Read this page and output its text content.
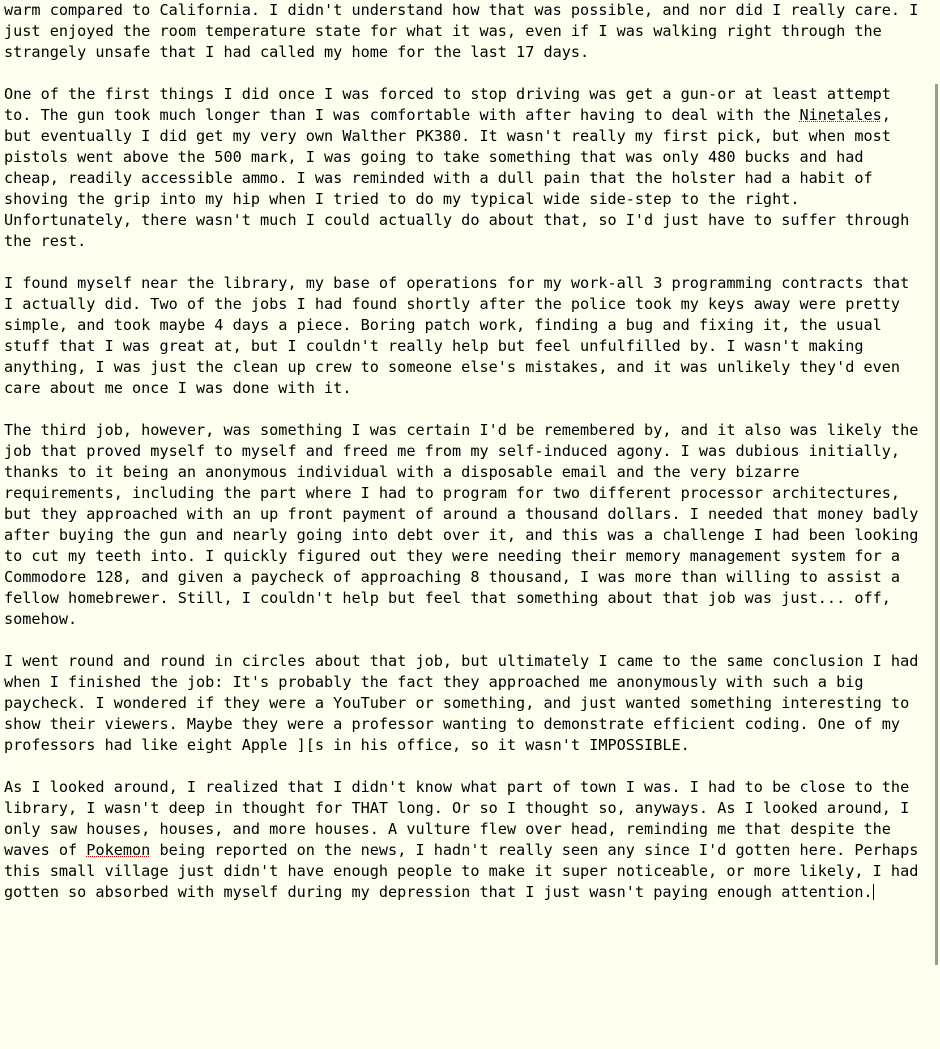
warm compared to California. I didn't understand how that was possible, and nor did I really care. I just enjoyed the room temperature state for what it was, even if I was walking right through the strangely unsafe that I had called my home for the last 17 days.
One of the first things I did once I was forced to stop driving was get a gun-or at least attempt to. The gun took much longer than I was comfortable with after having to deal with the Ninetales, but eventually I did get my very own Walther PK380. It wasn't really my first pick, but when most pistols went above the 500 mark, I was going to take something that was only 480 bucks and had cheap, readily accessible ammo. I was reminded with a dull pain that the holster had a habit of shoving the grip into my hip when I tried to do my typical wide side-step to the right. Unfortunately, there wasn't much I could actually do about that, so I'd just have to suffer through the rest.
I found myself near the library, my base of operations for my work-all 3 programming contracts that I actually did. Two of the jobs I had found shortly after the police took my keys away were pretty simple, and took maybe 4 days a piece. Boring patch work, finding a bug and fixing it, the usual stuff that I was great at, but I couldn't really help but feel unfulfilled by. I wasn't making anything, I was just the clean up crew to someone else's mistakes, and it was unlikely they'd even care about me once I was done with it.
The third job, however, was something I was certain I'd be remembered by, and it also was likely the job that proved myself to myself and freed me from my self-induced agony. I was dubious initially, thanks to it being an anonymous individual with a disposable email and the very bizarre requirements, including the part where I had to program for two different processor architectures, but they approached with an up front payment of around a thousand dollars. I needed that money badly after buying the gun and nearly going into debt over it, and this was a challenge I had been looking to cut my teeth into. I quickly figured out they were needing their memory management system for a Commodore 128, and given a paycheck of approaching 8 thousand, I was more than willing to assist a fellow homebrewer. Still, I couldn't help but feel that something about that job was just... off, somehow.
I went round and round in circles about that job, but ultimately I came to the same conclusion I had when I finished the job: It's probably the fact they approached me anonymously with such a big paycheck. I wondered if they were a YouTuber or something, and just wanted something interesting to show their viewers. Maybe they were a professor wanting to demonstrate efficient coding. One of my professors had like eight Apple ][s in his office, so it wasn't IMPOSSIBLE.
As I looked around, I realized that I didn't know what part of town I was. I had to be close to the library, I wasn't deep in thought for THAT long. Or so I thought so, anyways. As I looked around, I only saw houses, houses, and more houses. A vulture flew over head, reminding me that despite the waves of Pokemon being reported on the news, I hadn't really seen any since I'd gotten here. Perhaps this small village just didn't have enough people to make it super noticeable, or more likely, I had gotten so absorbed with myself during my depression that I just wasn't paying enough attention.
